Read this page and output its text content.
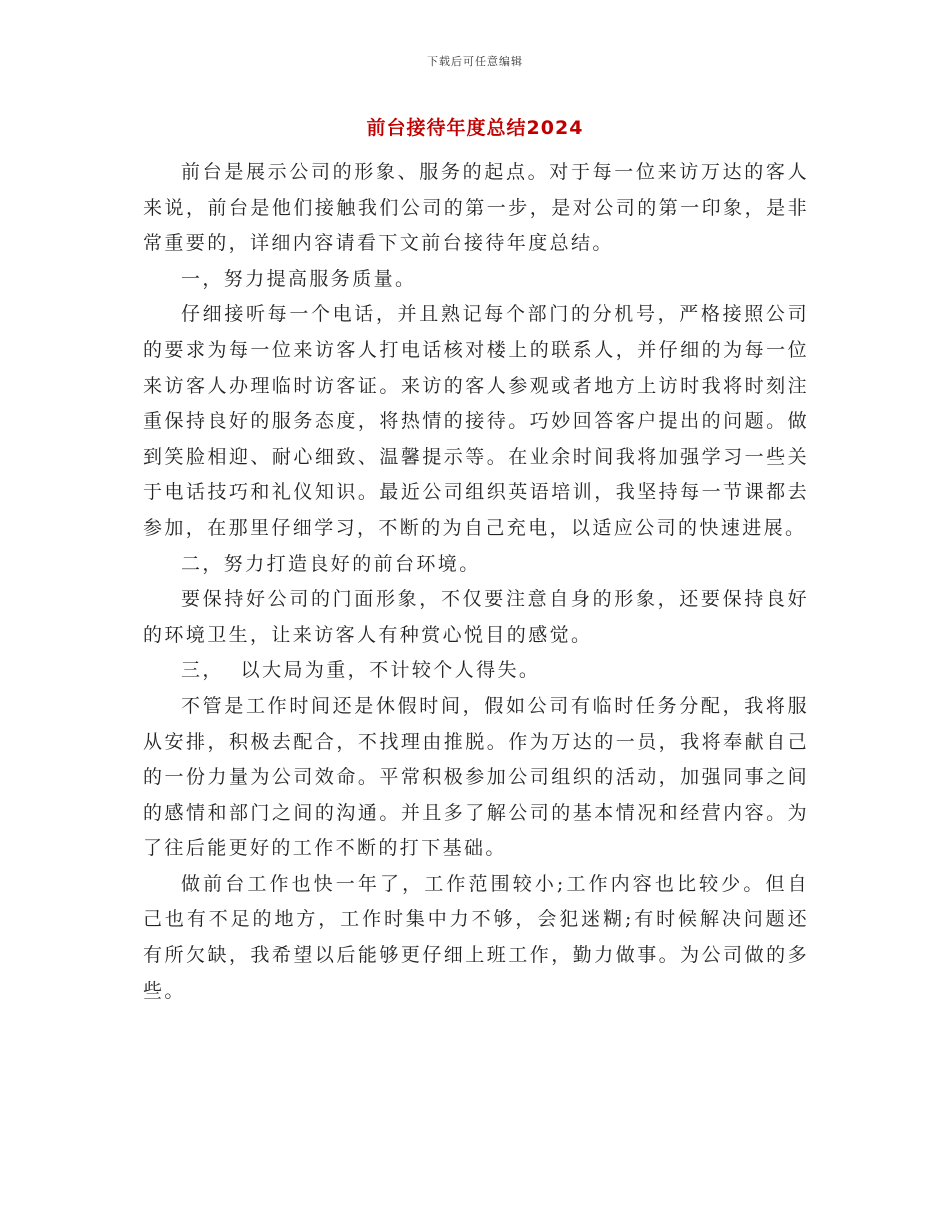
下载后可任意编辑
前台接待年度总结2024

前台是展示公司的形象、服务的起点。对于每一位来访万达的客人来说，前台是他们接触我们公司的第一步，是对公司的第一印象，是非常重要的，详细内容请看下文前台接待年度总结。

一，努力提高服务质量。

仔细接听每一个电话，并且熟记每个部门的分机号，严格接照公司的要求为每一位来访客人打电话核对楼上的联系人，并仔细的为每一位来访客人办理临时访客证。来访的客人参观或者地方上访时我将时刻注重保持良好的服务态度，将热情的接待。巧妙回答客户提出的问题。做到笑脸相迎、耐心细致、温馨提示等。在业余时间我将加强学习一些关于电话技巧和礼仪知识。最近公司组织英语培训，我坚持每一节课都去参加，在那里仔细学习，不断的为自己充电，以适应公司的快速进展。

二，努力打造良好的前台环境。

要保持好公司的门面形象，不仅要注意自身的形象，还要保持良好的环境卫生，让来访客人有种赏心悦目的感觉。

三，  以大局为重，不计较个人得失。

不管是工作时间还是休假时间，假如公司有临时任务分配，我将服从安排，积极去配合，不找理由推脱。作为万达的一员，我将奉献自己的一份力量为公司效命。平常积极参加公司组织的活动，加强同事之间的感情和部门之间的沟通。并且多了解公司的基本情况和经营内容。为了往后能更好的工作不断的打下基础。

做前台工作也快一年了，工作范围较小;工作内容也比较少。但自己也有不足的地方，工作时集中力不够，会犯迷糊;有时候解决问题还有所欠缺，我希望以后能够更仔细上班工作，勤力做事。为公司做的多些。
